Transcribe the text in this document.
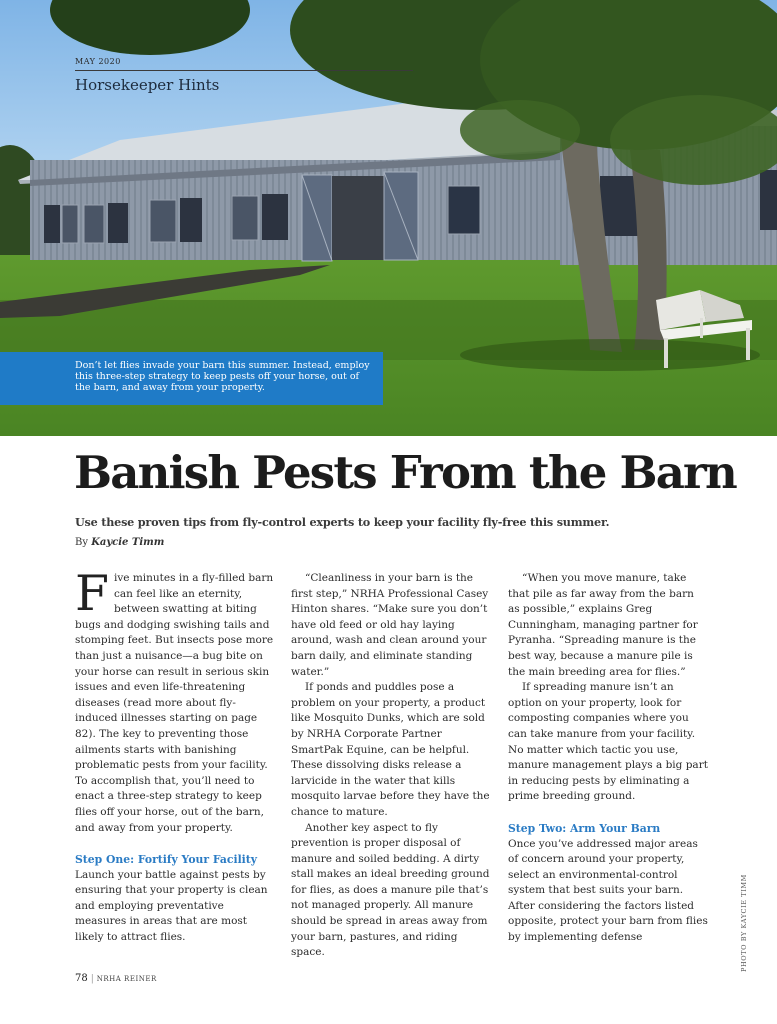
MAY 2020
Horsekeeper Hints
Don’t let flies invade your barn this summer. Instead, employ this three-step strategy to keep pests off your horse, out of the barn, and away from your property.
Banish Pests From the Barn
Use these proven tips from fly-control experts to keep your facility fly-free this summer.
By Kaycie Timm

Five minutes in a fly-filled barn can feel like an eternity, between swatting at biting bugs and dodging swishing tails and stomping feet. But insects pose more than just a nuisance—a bug bite on your horse can result in serious skin issues and even life-threatening diseases (read more about fly-induced illnesses starting on page 82). The key to preventing those ailments starts with banishing problematic pests from your facility. To accomplish that, you’ll need to enact a three-step strategy to keep flies off your horse, out of the barn, and away from your property.

Step One: Fortify Your Facility

Launch your battle against pests by ensuring that your property is clean and employing preventative measures in areas that are most likely to attract flies.

“Cleanliness in your barn is the first step,” NRHA Professional Casey Hinton shares. “Make sure you don’t have old feed or old hay laying around, wash and clean around your barn daily, and eliminate standing water.”

If ponds and puddles pose a problem on your property, a product like Mosquito Dunks, which are sold by NRHA Corporate Partner SmartPak Equine, can be helpful. These dissolving disks release a larvicide in the water that kills mosquito larvae before they have the chance to mature.

Another key aspect to fly prevention is proper disposal of manure and soiled bedding. A dirty stall makes an ideal breeding ground for flies, as does a manure pile that’s not managed properly. All manure should be spread in areas away from your barn, pastures, and riding space.

“When you move manure, take that pile as far away from the barn as possible,” explains Greg Cunningham, managing partner for Pyranha. “Spreading manure is the best way, because a manure pile is the main breeding area for flies.”

If spreading manure isn’t an option on your property, look for composting companies where you can take manure from your facility. No matter which tactic you use, manure management plays a big part in reducing pests by eliminating a prime breeding ground.

Step Two: Arm Your Barn

Once you’ve addressed major areas of concern around your property, select an environmental-control system that best suits your barn. After considering the factors listed opposite, protect your barn from flies by implementing defense	PHOTO BY KAYCIE TIMM
78 | NRHA REINER
